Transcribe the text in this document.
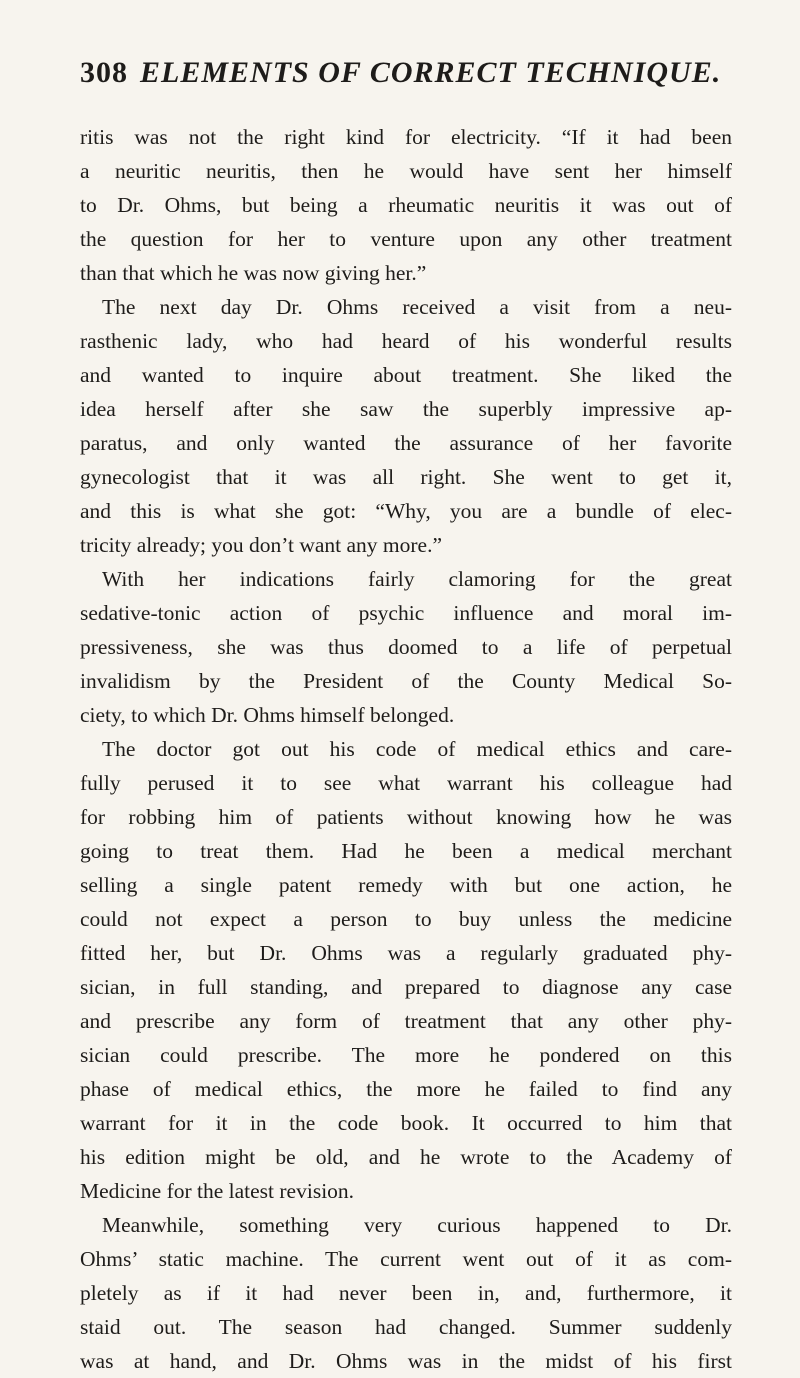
308 ELEMENTS OF CORRECT TECHNIQUE.
ritis was not the right kind for electricity. “If it had been
a neuritic neuritis, then he would have sent her himself
to Dr. Ohms, but being a rheumatic neuritis it was out of
the question for her to venture upon any other treatment
than that which he was now giving her.”
The next day Dr. Ohms received a visit from a neu-
rasthenic lady, who had heard of his wonderful results
and wanted to inquire about treatment. She liked the
idea herself after she saw the superbly impressive ap-
paratus, and only wanted the assurance of her favorite
gynecologist that it was all right. She went to get it,
and this is what she got: “Why, you are a bundle of elec-
tricity already; you don’t want any more.”
With her indications fairly clamoring for the great
sedative-tonic action of psychic influence and moral im-
pressiveness, she was thus doomed to a life of perpetual
invalidism by the President of the County Medical So-
ciety, to which Dr. Ohms himself belonged.
The doctor got out his code of medical ethics and care-
fully perused it to see what warrant his colleague had
for robbing him of patients without knowing how he was
going to treat them. Had he been a medical merchant
selling a single patent remedy with but one action, he
could not expect a person to buy unless the medicine
fitted her, but Dr. Ohms was a regularly graduated phy-
sician, in full standing, and prepared to diagnose any case
and prescribe any form of treatment that any other phy-
sician could prescribe. The more he pondered on this
phase of medical ethics, the more he failed to find any
warrant for it in the code book. It occurred to him that
his edition might be old, and he wrote to the Academy of
Medicine for the latest revision.
Meanwhile, something very curious happened to Dr.
Ohms’ static machine. The current went out of it as com-
pletely as if it had never been in, and, furthermore, it
staid out. The season had changed. Summer suddenly
was at hand, and Dr. Ohms was in the midst of his first
